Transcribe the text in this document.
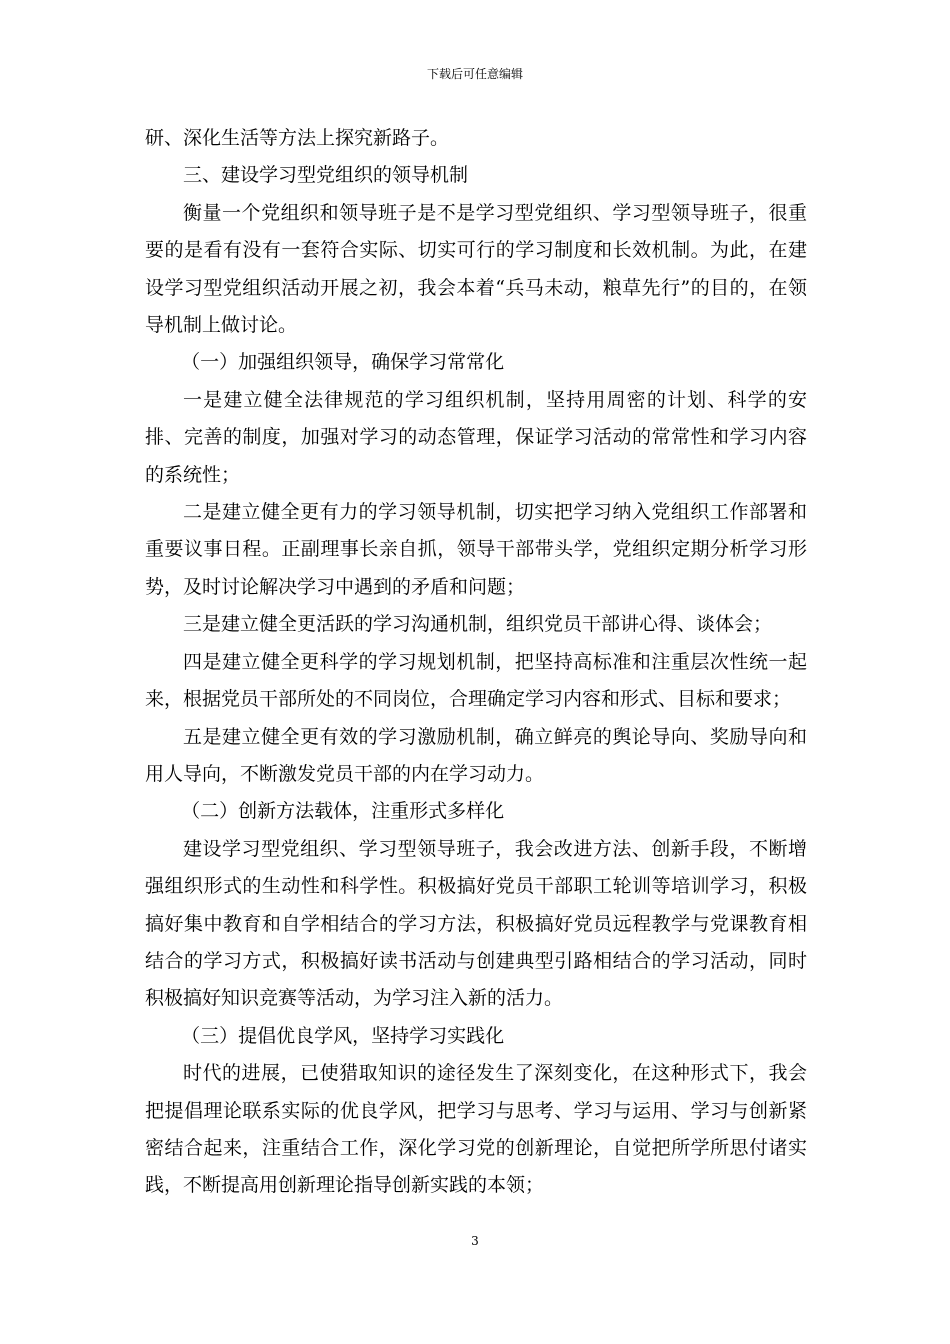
下载后可任意编辑

研、深化生活等方法上探究新路子。

三、建设学习型党组织的领导机制

衡量一个党组织和领导班子是不是学习型党组织、学习型领导班子，很重要的是看有没有一套符合实际、切实可行的学习制度和长效机制。为此，在建设学习型党组织活动开展之初，我会本着“兵马未动，粮草先行”的目的，在领导机制上做讨论。

（一）加强组织领导，确保学习常常化

一是建立健全法律规范的学习组织机制，坚持用周密的计划、科学的安排、完善的制度，加强对学习的动态管理，保证学习活动的常常性和学习内容的系统性；

二是建立健全更有力的学习领导机制，切实把学习纳入党组织工作部署和重要议事日程。正副理事长亲自抓，领导干部带头学，党组织定期分析学习形势，及时讨论解决学习中遇到的矛盾和问题；

三是建立健全更活跃的学习沟通机制，组织党员干部讲心得、谈体会；

四是建立健全更科学的学习规划机制，把坚持高标准和注重层次性统一起来，根据党员干部所处的不同岗位，合理确定学习内容和形式、目标和要求；

五是建立健全更有效的学习激励机制，确立鲜亮的舆论导向、奖励导向和用人导向，不断激发党员干部的内在学习动力。

（二）创新方法载体，注重形式多样化

建设学习型党组织、学习型领导班子，我会改进方法、创新手段，不断增强组织形式的生动性和科学性。积极搞好党员干部职工轮训等培训学习，积极搞好集中教育和自学相结合的学习方法，积极搞好党员远程教学与党课教育相结合的学习方式，积极搞好读书活动与创建典型引路相结合的学习活动，同时积极搞好知识竞赛等活动，为学习注入新的活力。

（三）提倡优良学风，坚持学习实践化

时代的进展，已使猎取知识的途径发生了深刻变化，在这种形式下，我会把提倡理论联系实际的优良学风，把学习与思考、学习与运用、学习与创新紧密结合起来，注重结合工作，深化学习党的创新理论，自觉把所学所思付诸实践，不断提高用创新理论指导创新实践的本领；

3
